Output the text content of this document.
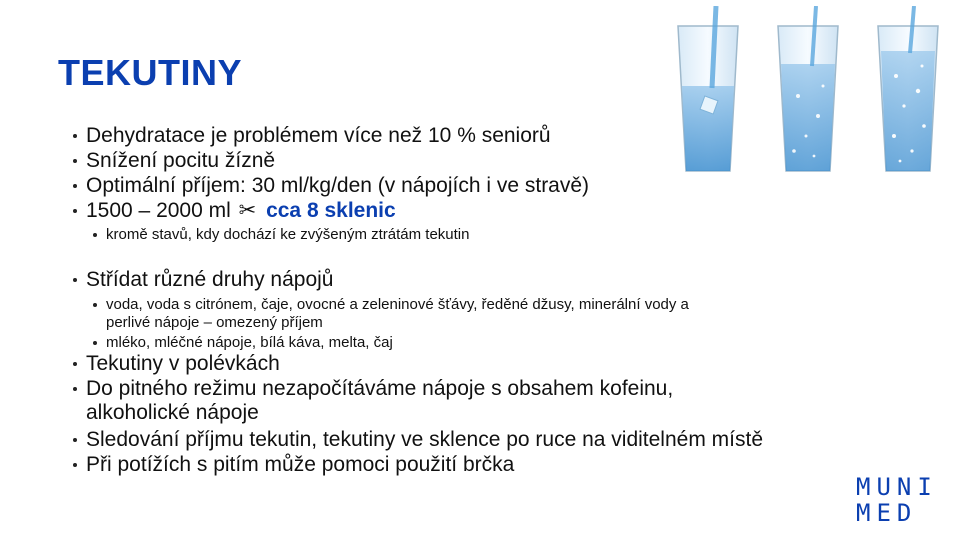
TEKUTINY
Dehydratace je problémem více než 10 % seniorů
Snížení pocitu žízně
Optimální příjem: 30 ml/kg/den (v nápojích i ve stravě)
1500 – 2000 ml ✂ cca 8 sklenic
kromě stavů, kdy dochází ke zvýšeným ztrátám tekutin
Střídat různé druhy nápojů
voda, voda s citrónem, čaje, ovocné a zeleninové šťávy, ředěné džusy, minerální vody a
perlivé nápoje – omezený příjem
mléko, mléčné nápoje, bílá káva, melta, čaj
Tekutiny v polévkách
Do pitného režimu nezapočítáváme nápoje s obsahem kofeinu,
alkoholické nápoje
Sledování příjmu tekutin, tekutiny ve sklence po ruce na viditelném místě
Při potížích s pitím může pomoci použití brčka
MUNI
MED
